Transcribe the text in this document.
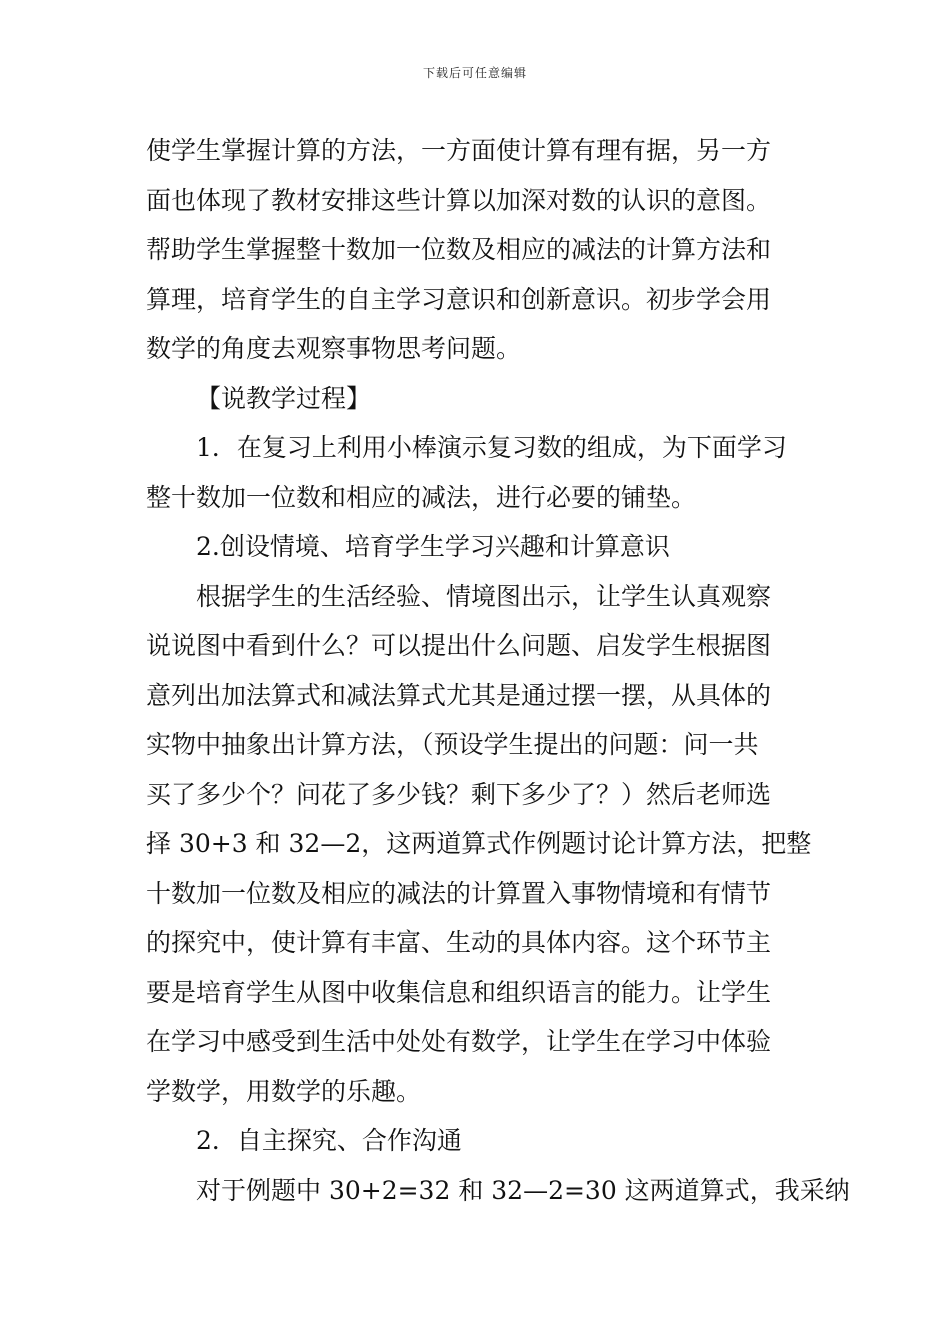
下载后可任意编辑
使学生掌握计算的方法，一方面使计算有理有据，另一方
面也体现了教材安排这些计算以加深对数的认识的意图。
帮助学生掌握整十数加一位数及相应的减法的计算方法和
算理，培育学生的自主学习意识和创新意识。初步学会用
数学的角度去观察事物思考问题。
【说教学过程】
1．在复习上利用小棒演示复习数的组成，为下面学习
整十数加一位数和相应的减法，进行必要的铺垫。
2.创设情境、培育学生学习兴趣和计算意识
根据学生的生活经验、情境图出示，让学生认真观察
说说图中看到什么？可以提出什么问题、启发学生根据图
意列出加法算式和减法算式尤其是通过摆一摆，从具体的
实物中抽象出计算方法，（预设学生提出的问题：问一共
买了多少个？问花了多少钱？剩下多少了？）然后老师选
择 30+3 和 32—2，这两道算式作例题讨论计算方法，把整
十数加一位数及相应的减法的计算置入事物情境和有情节
的探究中，使计算有丰富、生动的具体内容。这个环节主
要是培育学生从图中收集信息和组织语言的能力。让学生
在学习中感受到生活中处处有数学，让学生在学习中体验
学数学，用数学的乐趣。
2．自主探究、合作沟通
对于例题中 30+2=32 和 32—2=30 这两道算式，我采纳
